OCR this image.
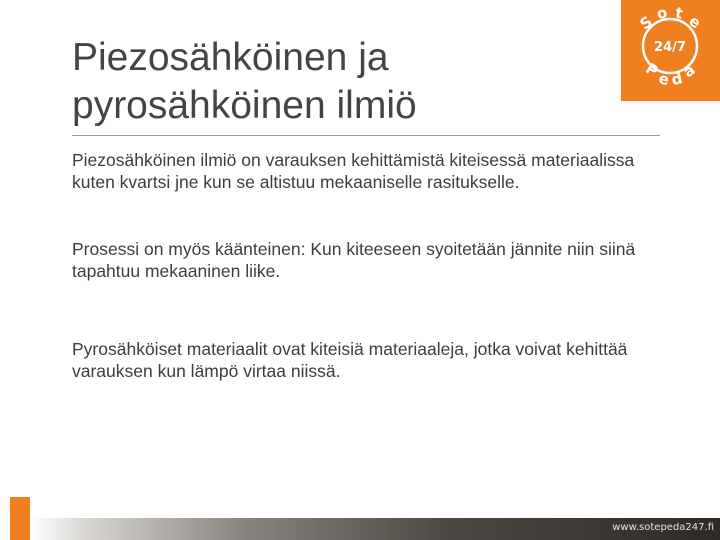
Piezosähköinen ja pyrosähköinen ilmiö
S o t e
P
e
d
a
24/7
Piezosähköinen ilmiö on varauksen kehittämistä kiteisessä materiaalissa kuten kvartsi jne kun se altistuu mekaaniselle rasitukselle.
Prosessi on myös käänteinen: Kun kiteeseen syoitetään jännite niin siinä tapahtuu mekaaninen liike.
Pyrosähköiset materiaalit ovat kiteisiä materiaaleja, jotka voivat kehittää varauksen kun lämpö virtaa niissä.
www.sotepeda247.fi
